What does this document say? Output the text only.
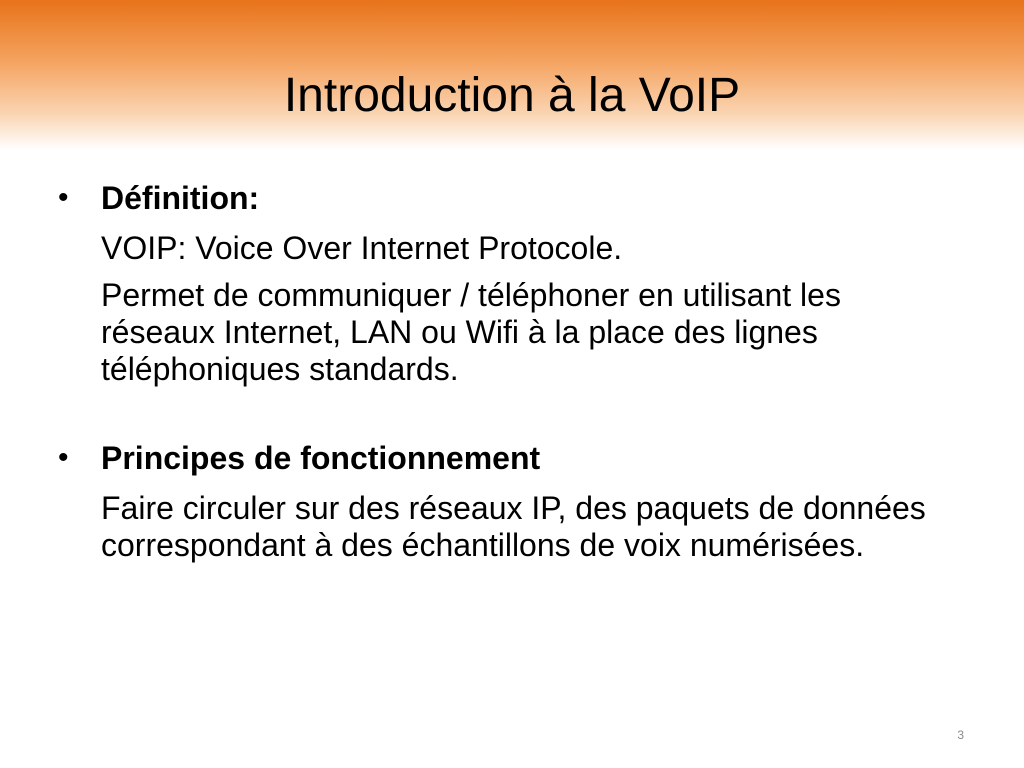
Introduction à la VoIP
•	Définition:
VOIP: Voice Over Internet Protocole.
Permet de communiquer / téléphoner en utilisant les réseaux Internet, LAN ou Wifi à la place des lignes téléphoniques standards.
•	Principes de fonctionnement
Faire circuler sur des réseaux IP, des paquets de données correspondant à des échantillons de voix numérisées.
3
